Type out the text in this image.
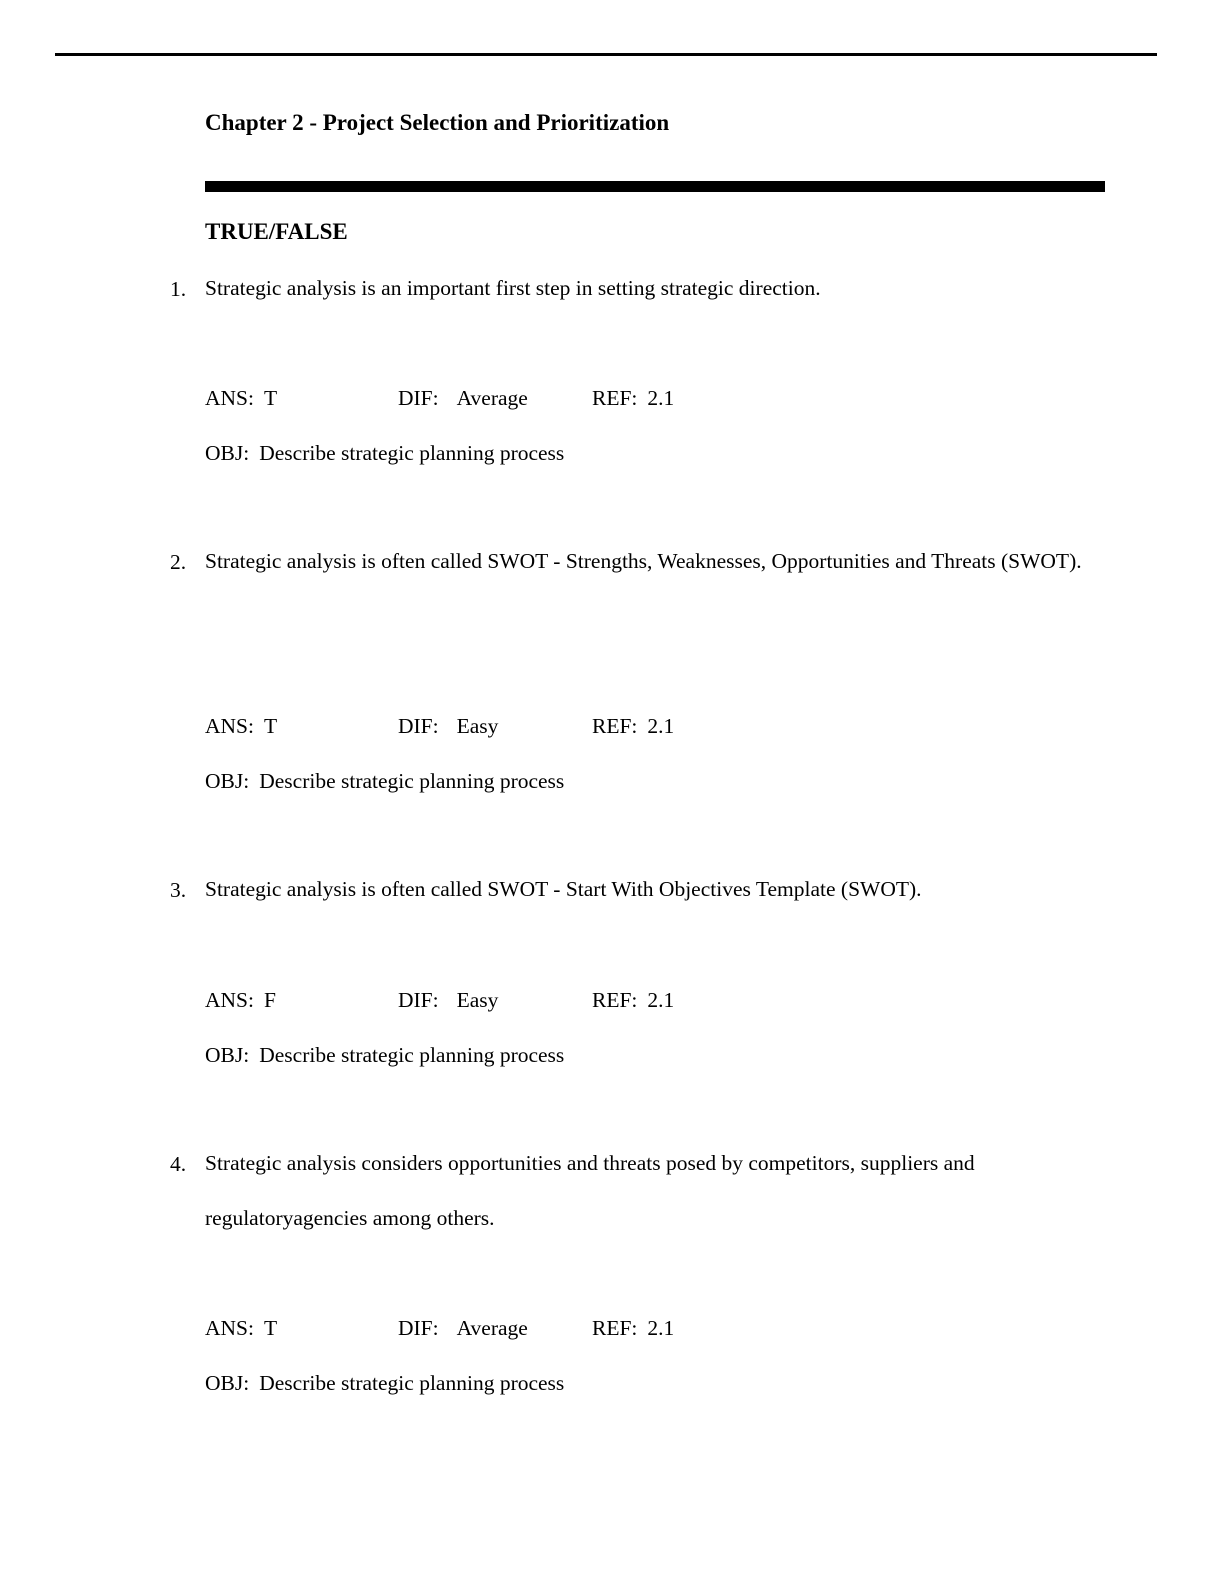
Chapter 2 - Project Selection and Prioritization
TRUE/FALSE
1. Strategic analysis is an important first step in setting strategic direction.
ANS: T	DIF: Average	REF: 2.1
OBJ: Describe strategic planning process
2. Strategic analysis is often called SWOT - Strengths, Weaknesses, Opportunities and Threats (SWOT).
ANS: T	DIF: Easy	REF: 2.1
OBJ: Describe strategic planning process
3. Strategic analysis is often called SWOT - Start With Objectives Template (SWOT).
ANS: F	DIF: Easy	REF: 2.1
OBJ: Describe strategic planning process
4. Strategic analysis considers opportunities and threats posed by competitors, suppliers and regulatoryagencies among others.
ANS: T	DIF: Average	REF: 2.1
OBJ: Describe strategic planning process
